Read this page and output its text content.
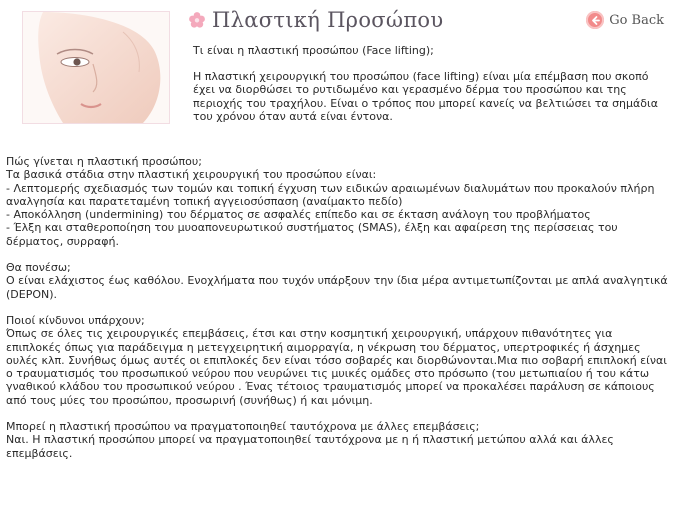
Πλαστική Προσώπου	Go Back

Τι είναι η πλαστική προσώπου (Face lifting);

Η πλαστική χειρουργική του προσώπου (face lifting) είναι μία επέμβαση που σκοπό έχει να διορθώσει το ρυτιδωμένο και γερασμένο δέρμα του προσώπου και της περιοχής του τραχήλου. Είναι ο τρόπος που μπορεί κανείς να βελτιώσει τα σημάδια του χρόνου όταν αυτά είναι έντονα.

Πώς γίνεται η πλαστική προσώπου;
Τα βασικά στάδια στην πλαστική χειρουργική του προσώπου είναι:
- Λεπτομερής σχεδιασμός των τομών και τοπική έγχυση των ειδικών αραιωμένων διαλυμάτων που προκαλούν πλήρη αναλγησία και παρατεταμένη τοπική αγγειοσύσπαση (αναίμακτο πεδίο)
- Αποκόλληση (undermining) του δέρματος σε ασφαλές επίπεδο και σε έκταση ανάλογη του προβλήματος
- Έλξη και σταθεροποίηση του μυοαπονευρωτικού συστήματος (SMAS), έλξη και αφαίρεση της περίσσειας του δέρματος, συρραφή.
Θα πονέσω;
Ο είναι ελάχιστος έως καθόλου. Ενοχλήματα που τυχόν υπάρξουν την ίδια μέρα αντιμετωπίζονται με απλά αναλγητικά (DEPON).
Ποιοί κίνδυνοι υπάρχουν;
Όπως σε όλες τις χειρουργικές επεμβάσεις, έτσι και στην κοσμητική χειρουργική, υπάρχουν πιθανότητες για επιπλοκές όπως για παράδειγμα η μετεγχειρητική αιμορραγία, η νέκρωση του δέρματος, υπερτροφικές ή άσχημες ουλές κλπ. Συνήθως όμως αυτές οι επιπλοκές δεν είναι τόσο σοβαρές και διορθώνονται.Μια πιο σοβαρή επιπλοκή είναι ο τραυματισμός του προσωπικού νεύρου που νευρώνει τις μυικές ομάδες στο πρόσωπο (του μετωπιαίου ή του κάτω γναθικού κλάδου του προσωπικού νεύρου . Ένας τέτοιος τραυματισμός μπορεί να προκαλέσει παράλυση σε κάποιους από τους μύες του προσώπου, προσωρινή (συνήθως) ή και μόνιμη.
Μπορεί η πλαστική προσώπου να πραγματοποιηθεί ταυτόχρονα με άλλες επεμβάσεις;
Ναι. Η πλαστική προσώπου μπορεί να πραγματοποιηθεί ταυτόχρονα με η ή πλαστική μετώπου αλλά και άλλες επεμβάσεις.
